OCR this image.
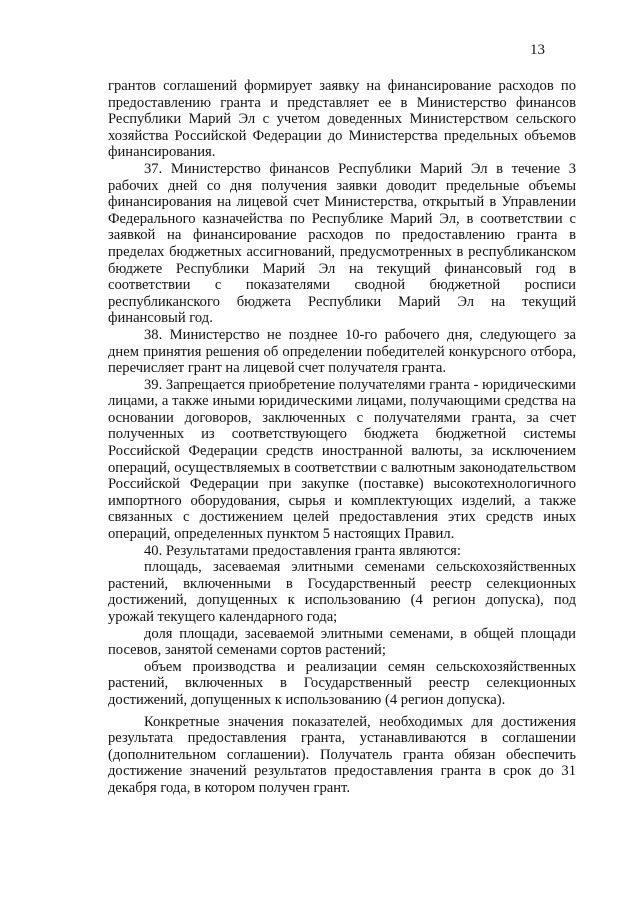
13

грантов соглашений формирует заявку на финансирование расходов по предоставлению гранта и представляет ее в Министерство финансов Республики Марий Эл с учетом доведенных Министерством сельского хозяйства Российской Федерации до Министерства предельных объемов финансирования.

37. Министерство финансов Республики Марий Эл в течение 3 рабочих дней со дня получения заявки доводит предельные объемы финансирования на лицевой счет Министерства, открытый в Управлении Федерального казначейства по Республике Марий Эл, в соответствии с заявкой на финансирование расходов по предоставлению гранта в пределах бюджетных ассигнований, предусмотренных в республиканском бюджете Республики Марий Эл на текущий финансовый год в соответствии с показателями сводной бюджетной росписи республиканского бюджета Республики Марий Эл на текущий финансовый год.

38. Министерство не позднее 10-го рабочего дня, следующего за днем принятия решения об определении победителей конкурсного отбора, перечисляет грант на лицевой счет получателя гранта.

39. Запрещается приобретение получателями гранта - юридическими лицами, а также иными юридическими лицами, получающими средства на основании договоров, заключенных с получателями гранта, за счет полученных из соответствующего бюджета бюджетной системы Российской Федерации средств иностранной валюты, за исключением операций, осуществляемых в соответствии с валютным законодательством Российской Федерации при закупке (поставке) высокотехнологичного импортного оборудования, сырья и комплектующих изделий, а также связанных с достижением целей предоставления этих средств иных операций, определенных пунктом 5 настоящих Правил.

40. Результатами предоставления гранта являются:

площадь, засеваемая элитными семенами сельскохозяйственных растений, включенными в Государственный реестр селекционных достижений, допущенных к использованию (4 регион допуска), под урожай текущего календарного года;

доля площади, засеваемой элитными семенами, в общей площади посевов, занятой семенами сортов растений;

объем производства и реализации семян сельскохозяйственных растений, включенных в Государственный реестр селекционных достижений, допущенных к использованию (4 регион допуска).

Конкретные значения показателей, необходимых для достижения результата предоставления гранта, устанавливаются в соглашении (дополнительном соглашении). Получатель гранта обязан обеспечить достижение значений результатов предоставления гранта в срок до 31 декабря года, в котором получен грант.
